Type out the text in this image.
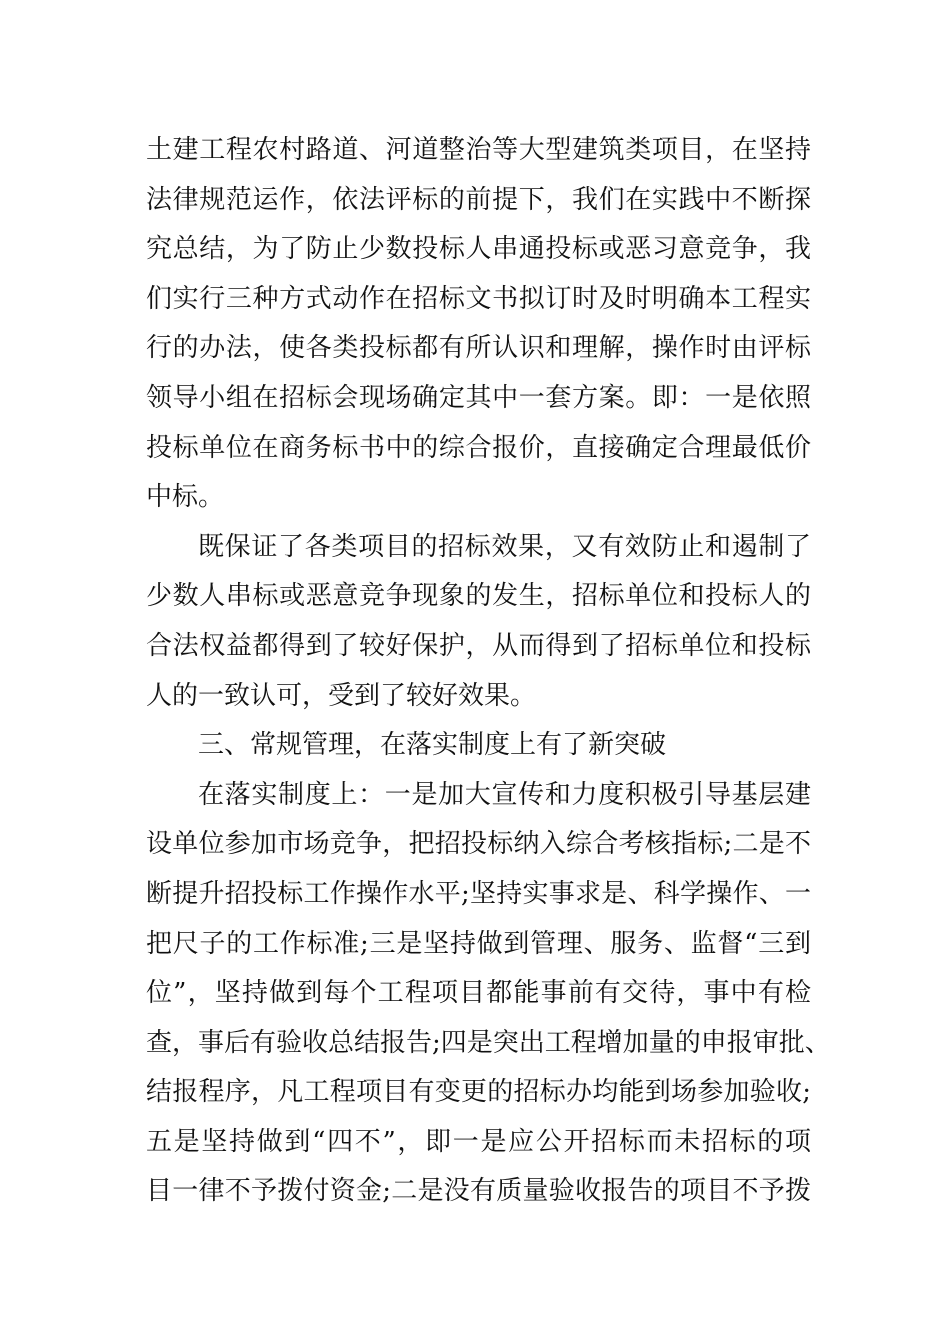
土建工程农村路道、河道整治等大型建筑类项目，在坚持
法律规范运作，依法评标的前提下，我们在实践中不断探
究总结，为了防止少数投标人串通投标或恶习意竞争，我
们实行三种方式动作在招标文书拟订时及时明确本工程实
行的办法，使各类投标都有所认识和理解，操作时由评标
领导小组在招标会现场确定其中一套方案。即：一是依照
投标单位在商务标书中的综合报价，直接确定合理最低价
中标。
既保证了各类项目的招标效果，又有效防止和遏制了
少数人串标或恶意竞争现象的发生，招标单位和投标人的
合法权益都得到了较好保护，从而得到了招标单位和投标
人的一致认可，受到了较好效果。
三、常规管理，在落实制度上有了新突破
在落实制度上：一是加大宣传和力度积极引导基层建
设单位参加市场竞争，把招投标纳入综合考核指标;二是不
断提升招投标工作操作水平;坚持实事求是、科学操作、一
把尺子的工作标准;三是坚持做到管理、服务、监督“三到
位”，坚持做到每个工程项目都能事前有交待，事中有检
查，事后有验收总结报告;四是突出工程增加量的申报审批、
结报程序，凡工程项目有变更的招标办均能到场参加验收;
五是坚持做到“四不”，即一是应公开招标而未招标的项
目一律不予拨付资金;二是没有质量验收报告的项目不予拨
